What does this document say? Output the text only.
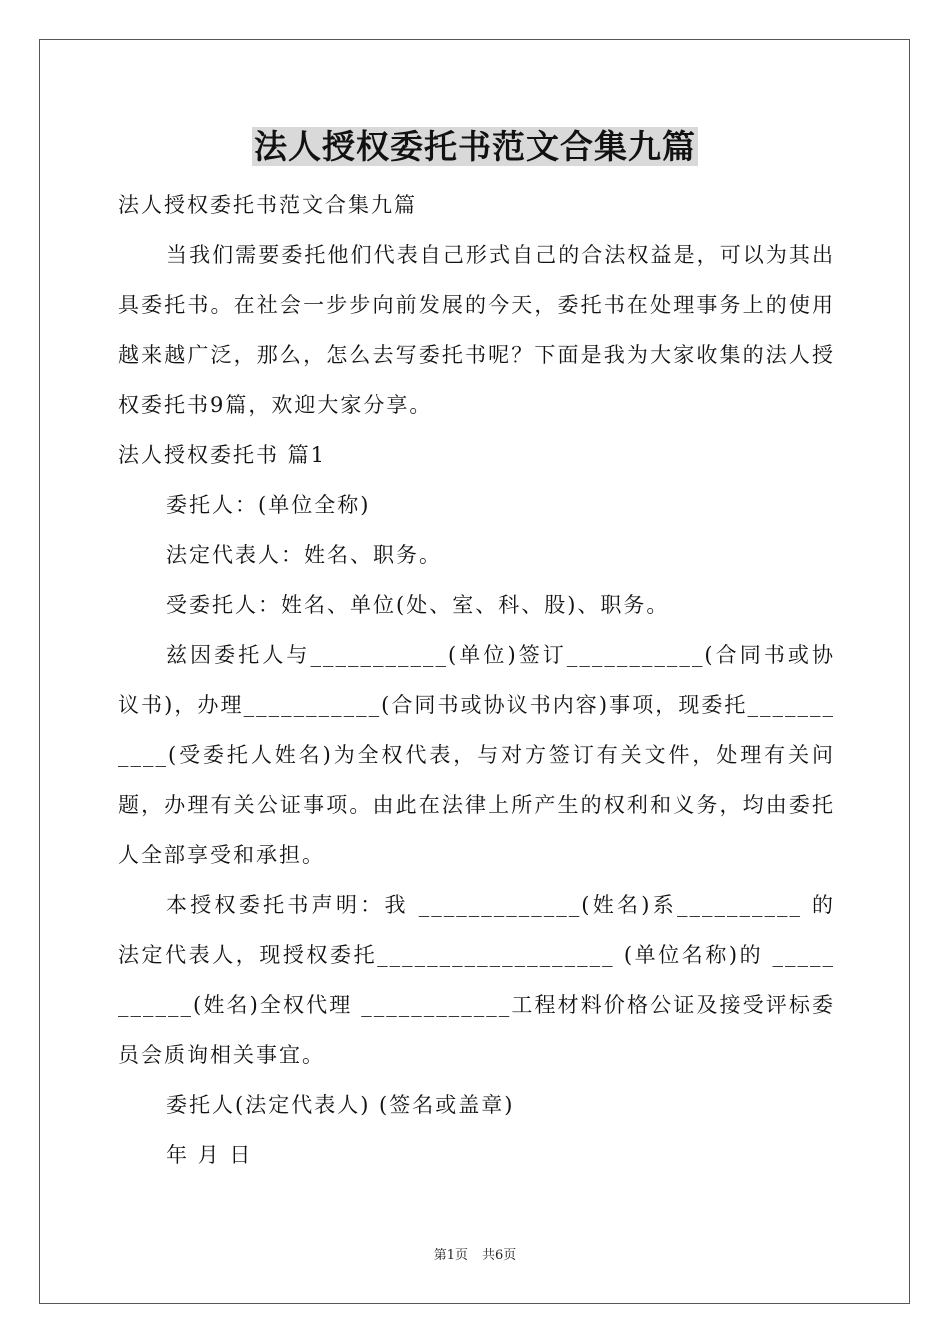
法人授权委托书范文合集九篇

法人授权委托书范文合集九篇

当我们需要委托他们代表自己形式自己的合法权益是，可以为其出具委托书。在社会一步步向前发展的今天，委托书在处理事务上的使用越来越广泛，那么，怎么去写委托书呢？下面是我为大家收集的法人授权委托书9篇，欢迎大家分享。

法人授权委托书 篇1

委托人：(单位全称)

法定代表人：姓名、职务。

受委托人：姓名、单位(处、室、科、股)、职务。

兹因委托人与___________(单位)签订___________(合同书或协议书)，办理___________(合同书或协议书内容)事项，现委托___________(受委托人姓名)为全权代表，与对方签订有关文件，处理有关问题，办理有关公证事项。由此在法律上所产生的权利和义务，均由委托人全部享受和承担。

本授权委托书声明：我 _____________(姓名)系__________ 的法定代表人，现授权委托___________________ (单位名称)的 ___________(姓名)全权代理 ____________工程材料价格公证及接受评标委员会质询相关事宜。

委托人(法定代表人) (签名或盖章)

年 月 日

第1页 共6页
